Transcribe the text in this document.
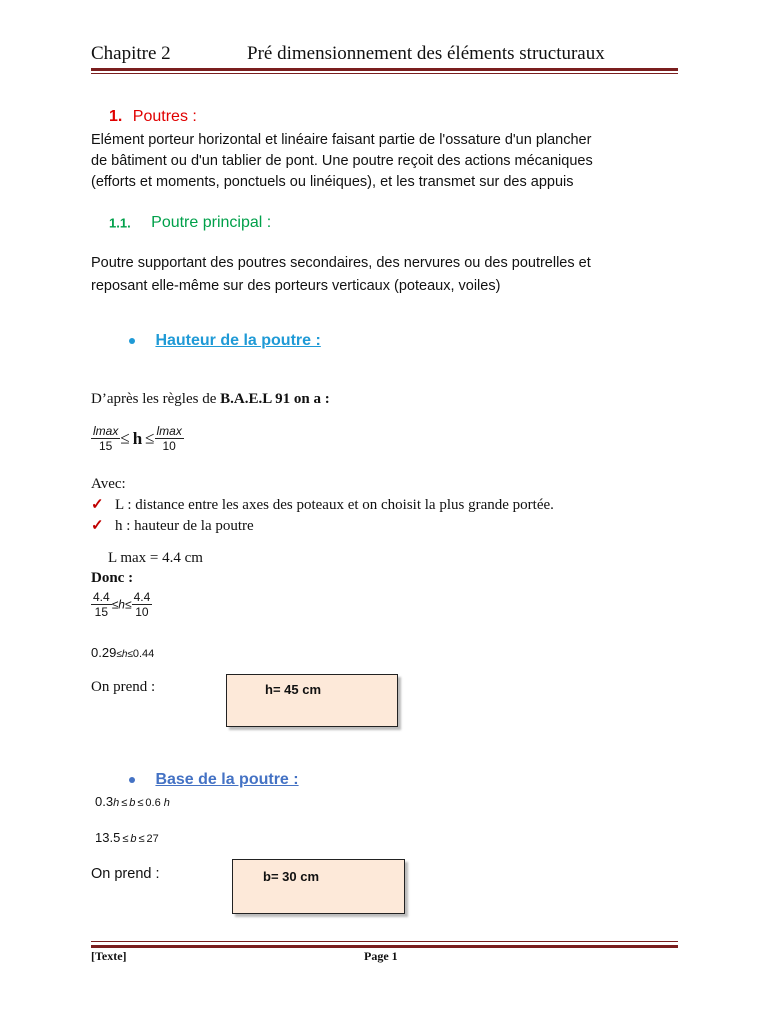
Chapitre 2	Pré dimensionnement des éléments structuraux
1. Poutres :
Elément porteur horizontal et linéaire faisant partie de l'ossature d'un plancher
de bâtiment ou d'un tablier de pont. Une poutre reçoit des actions mécaniques
(efforts et moments, ponctuels ou linéiques), et les transmet sur des appuis
1.1. Poutre principal :
Poutre supportant des poutres secondaires, des nervures ou des poutrelles et
reposant elle-même sur des porteurs verticaux (poteaux, voiles)
Hauteur de la poutre :
D’après les règles de B.A.E.L 91 on a :
$\frac{lmax}{15} \le h \le \frac{lmax}{10}$
Avec:
✓ L : distance entre les axes des poteaux et on choisit la plus grande portée.
✓ h : hauteur de la poutre
L max = 4.4 cm
Donc :
$\frac{4.4}{15} \le h\le \frac{4.4}{10}$
0.29≤h≤0.44
On prend :	h= 45 cm
Base de la poutre :
0.3h ≤ b ≤ 0.6 h
13.5 ≤ b ≤ 27
On prend :	b= 30 cm
[Texte]	Page 1
